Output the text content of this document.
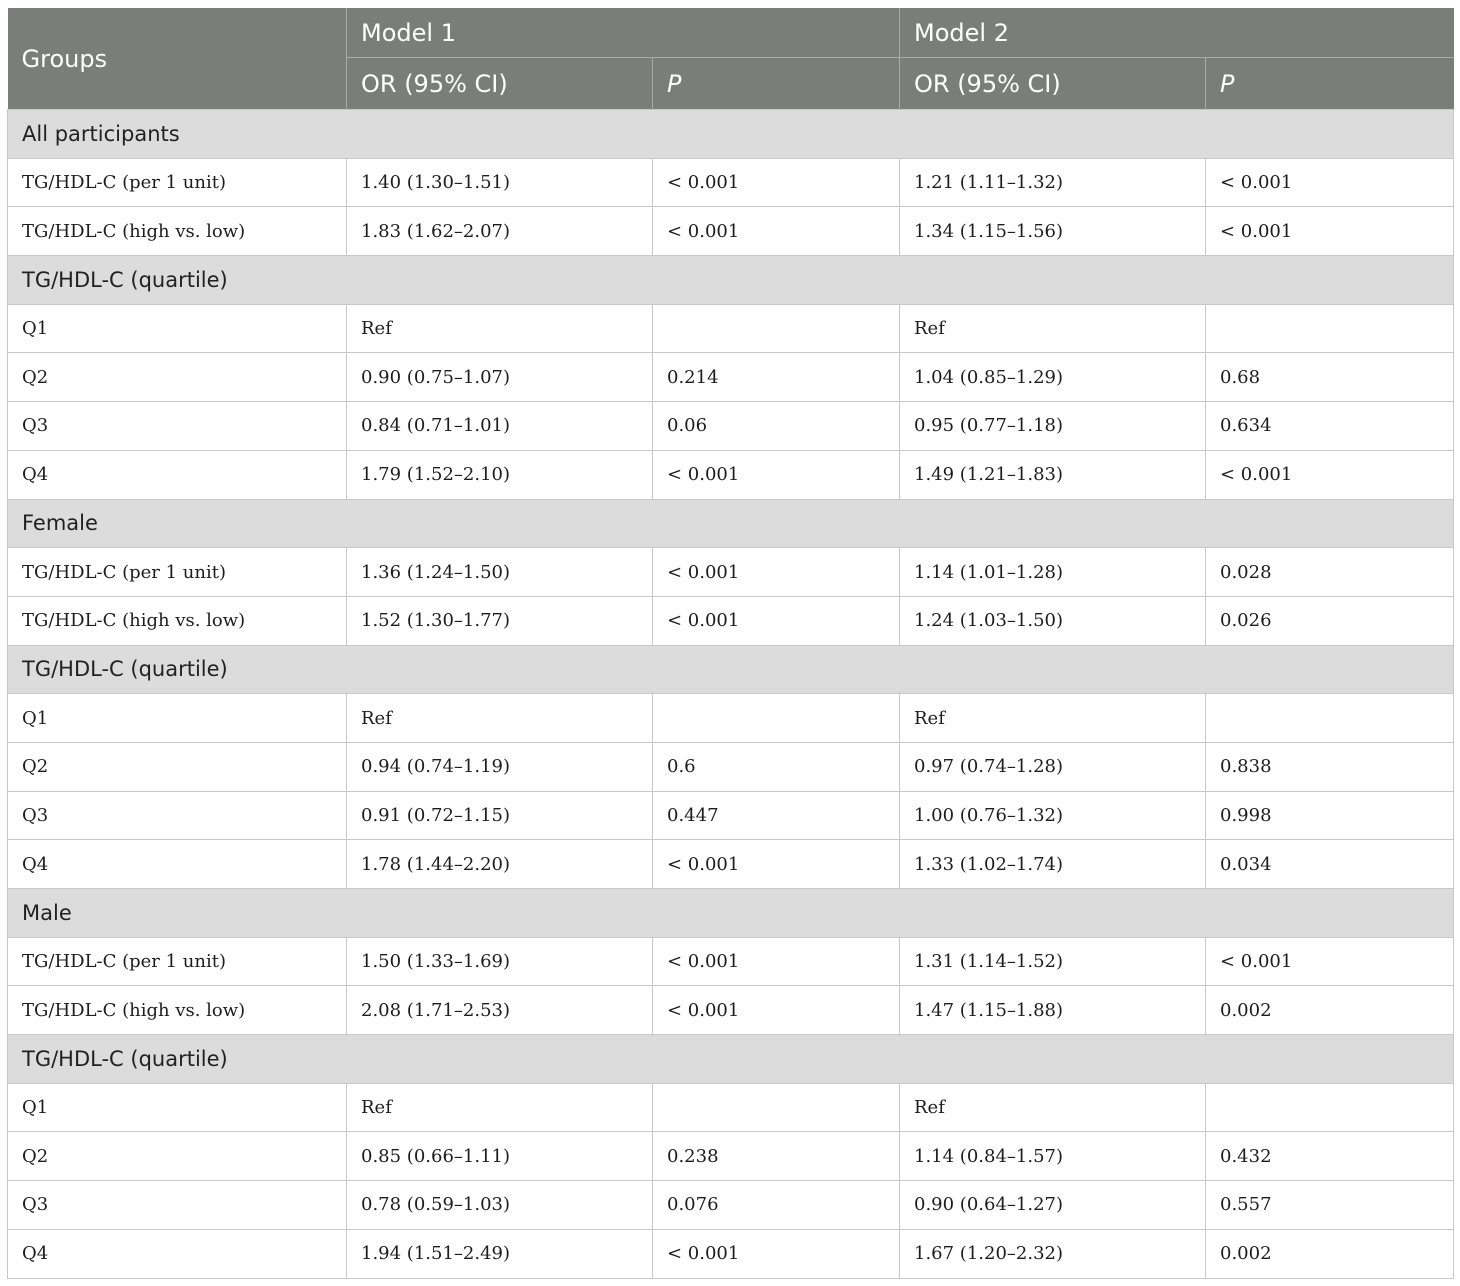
Groups	Model 1		Model 2	
	OR (95% CI)	P	OR (95% CI)	P
All participants				
TG/HDL-C (per 1 unit)	1.40 (1.30–1.51)	< 0.001	1.21 (1.11–1.32)	< 0.001
TG/HDL-C (high vs. low)	1.83 (1.62–2.07)	< 0.001	1.34 (1.15–1.56)	< 0.001
TG/HDL-C (quartile)				
Q1	Ref		Ref	
Q2	0.90 (0.75–1.07)	0.214	1.04 (0.85–1.29)	0.68
Q3	0.84 (0.71–1.01)	0.06	0.95 (0.77–1.18)	0.634
Q4	1.79 (1.52–2.10)	< 0.001	1.49 (1.21–1.83)	< 0.001
Female				
TG/HDL-C (per 1 unit)	1.36 (1.24–1.50)	< 0.001	1.14 (1.01–1.28)	0.028
TG/HDL-C (high vs. low)	1.52 (1.30–1.77)	< 0.001	1.24 (1.03–1.50)	0.026
TG/HDL-C (quartile)				
Q1	Ref		Ref	
Q2	0.94 (0.74–1.19)	0.6	0.97 (0.74–1.28)	0.838
Q3	0.91 (0.72–1.15)	0.447	1.00 (0.76–1.32)	0.998
Q4	1.78 (1.44–2.20)	< 0.001	1.33 (1.02–1.74)	0.034
Male				
TG/HDL-C (per 1 unit)	1.50 (1.33–1.69)	< 0.001	1.31 (1.14–1.52)	< 0.001
TG/HDL-C (high vs. low)	2.08 (1.71–2.53)	< 0.001	1.47 (1.15–1.88)	0.002
TG/HDL-C (quartile)				
Q1	Ref		Ref	
Q2	0.85 (0.66–1.11)	0.238	1.14 (0.84–1.57)	0.432
Q3	0.78 (0.59–1.03)	0.076	0.90 (0.64–1.27)	0.557
Q4	1.94 (1.51–2.49)	< 0.001	1.67 (1.20–2.32)	0.002
